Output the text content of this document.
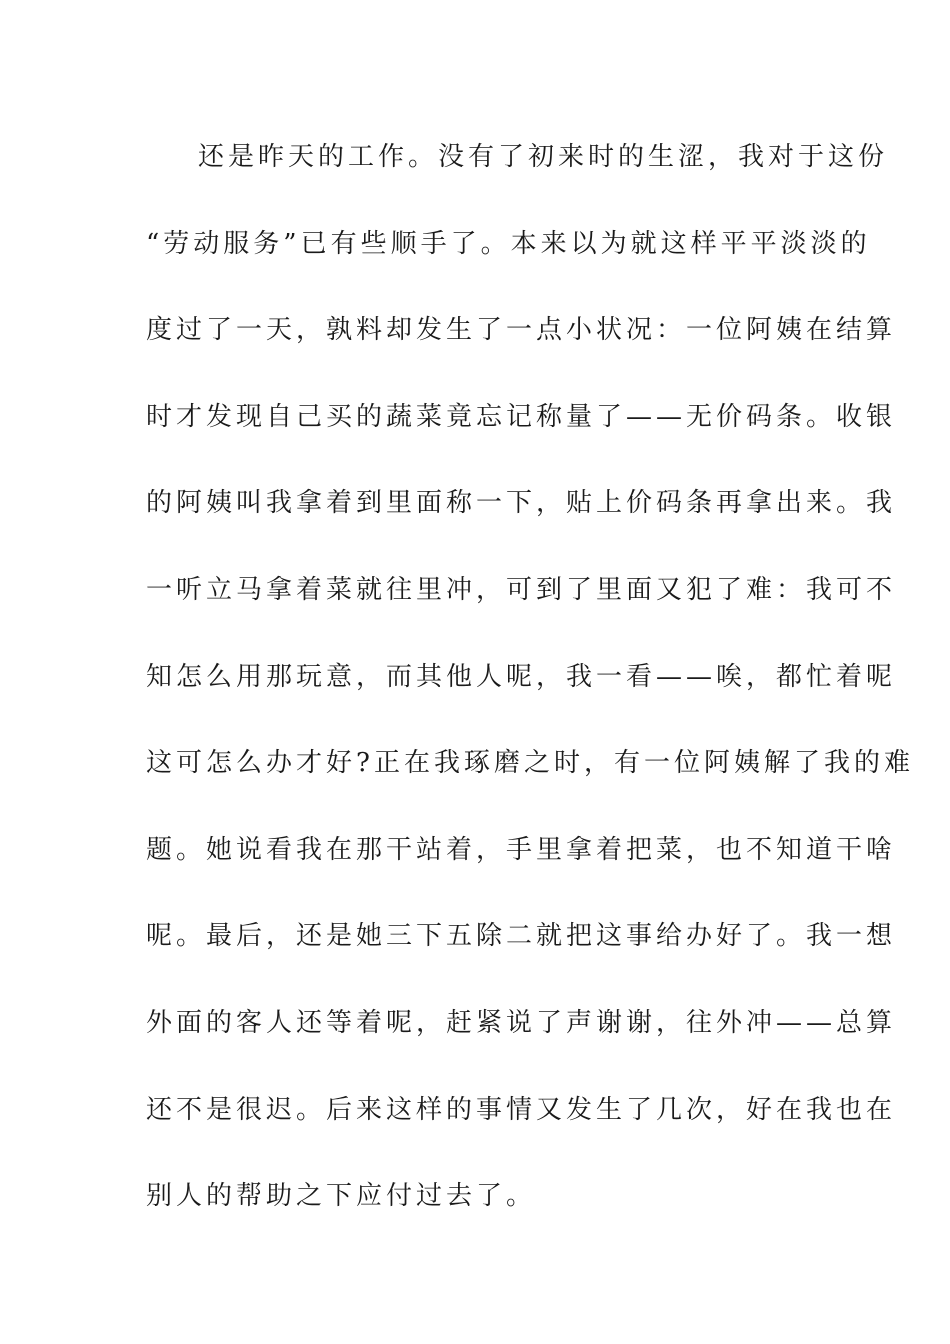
还是昨天的工作。没有了初来时的生涩，我对于这份
“劳动服务”已有些顺手了。本来以为就这样平平淡淡的
度过了一天，孰料却发生了一点小状况：一位阿姨在结算
时才发现自己买的蔬菜竟忘记称量了——无价码条。收银
的阿姨叫我拿着到里面称一下，贴上价码条再拿出来。我
一听立马拿着菜就往里冲，可到了里面又犯了难：我可不
知怎么用那玩意，而其他人呢，我一看——唉，都忙着呢
这可怎么办才好?正在我琢磨之时，有一位阿姨解了我的难
题。她说看我在那干站着，手里拿着把菜，也不知道干啥
呢。最后，还是她三下五除二就把这事给办好了。我一想
外面的客人还等着呢，赶紧说了声谢谢，往外冲——总算
还不是很迟。后来这样的事情又发生了几次，好在我也在
别人的帮助之下应付过去了。
